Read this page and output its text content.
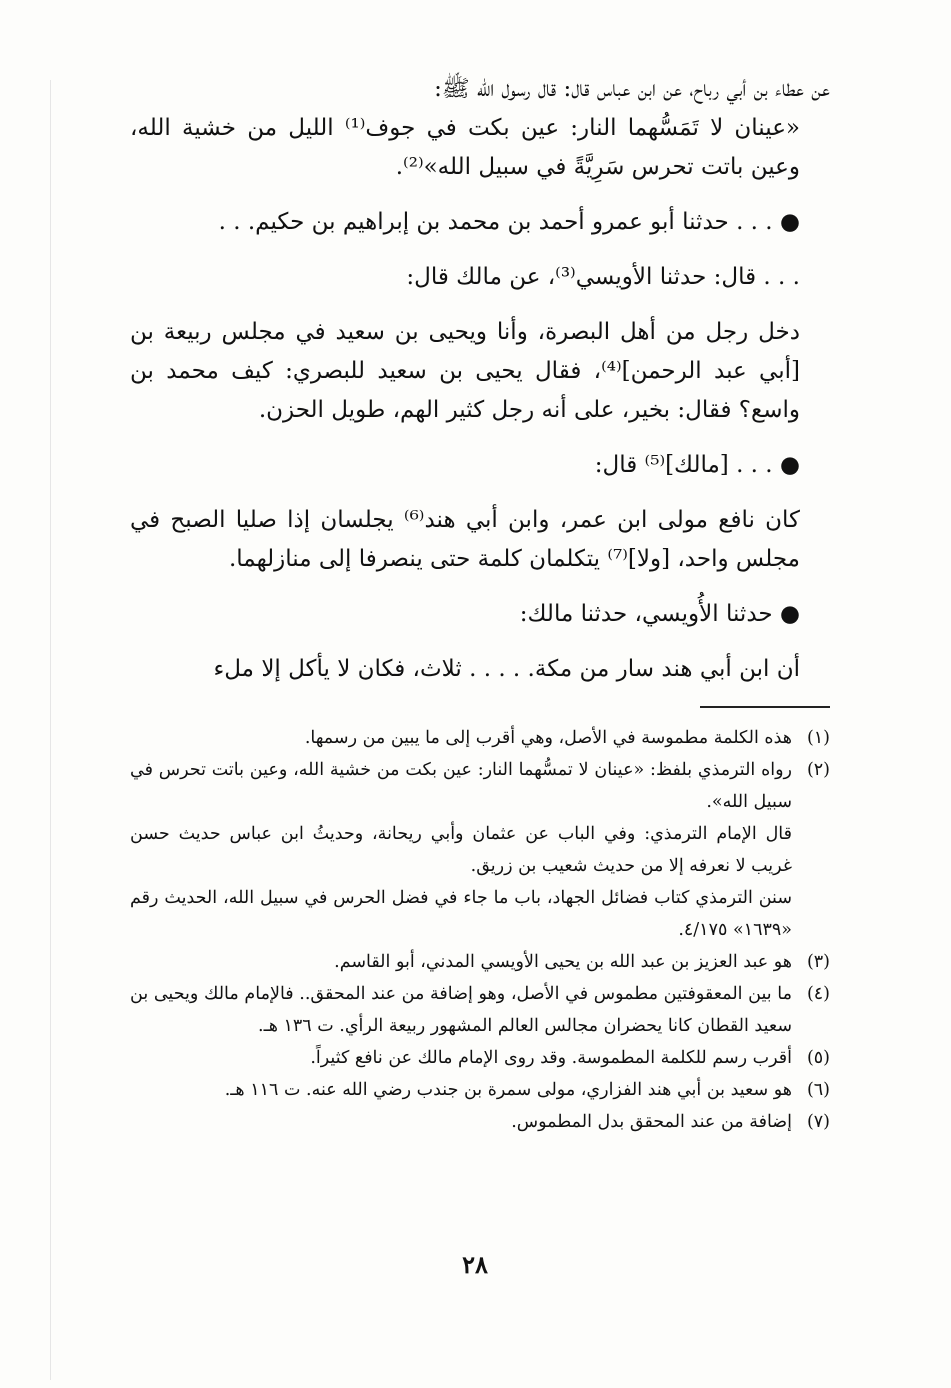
عن عطاء بن أبي رباح، عن ابن عباس قال: قال رسول الله ﷺ:

«عينان لا تَمَسُّهما النار: عين بكت في جوف⁽¹⁾ الليل من خشية الله، وعين باتت تحرس سَرِيَّةً في سبيل الله»⁽²⁾.

● . . . حدثنا أبو عمرو أحمد بن محمد بن إبراهيم بن حكيم. . .

. . . قال: حدثنا الأويسي⁽³⁾، عن مالك قال:

دخل رجل من أهل البصرة، وأنا ويحيى بن سعيد في مجلس ربيعة بن [أبي عبد الرحمن]⁽⁴⁾، فقال يحيى بن سعيد للبصري: كيف محمد بن واسع؟ فقال: بخير، على أنه رجل كثير الهم، طويل الحزن.

● . . . [مالك]⁽⁵⁾ قال:

كان نافع مولى ابن عمر، وابن أبي هند⁽⁶⁾ يجلسان إذا صليا الصبح في مجلس واحد، [ولا]⁽⁷⁾ يتكلمان كلمة حتى ينصرفا إلى منازلهما.

● حدثنا الأُويسي، حدثنا مالك:

أن ابن أبي هند سار من مكة. . . . . ثلاث، فكان لا يأكل إلا ملء

(١)

هذه الكلمة مطموسة في الأصل، وهي أقرب إلى ما يبين من رسمها.

(٢)

رواه الترمذي بلفظ: «عينان لا تمسُّهما النار: عين بكت من خشية الله، وعين باتت تحرس في سبيل الله».

قال الإمام الترمذي: وفي الباب عن عثمان وأبي ريحانة، وحديثُ ابن عباس حديث حسن غريب لا نعرفه إلا من حديث شعيب بن زريق.

سنن الترمذي كتاب فضائل الجهاد، باب ما جاء في فضل الحرس في سبيل الله، الحديث رقم «١٦٣٩» ٤/١٧٥.

(٣)

هو عبد العزيز بن عبد الله بن يحيى الأويسي المدني، أبو القاسم.

(٤)

ما بين المعقوفتين مطموس في الأصل، وهو إضافة من عند المحقق.. فالإمام مالك ويحيى بن سعيد القطان كانا يحضران مجالس العالم المشهور ربيعة الرأي. ت ١٣٦ هـ.

(٥)

أقرب رسم للكلمة المطموسة. وقد روى الإمام مالك عن نافع كثيراً.

(٦)

هو سعيد بن أبي هند الفزاري، مولى سمرة بن جندب رضي الله عنه. ت ١١٦ هـ.

(٧)

إضافة من عند المحقق بدل المطموس.

٢٨
